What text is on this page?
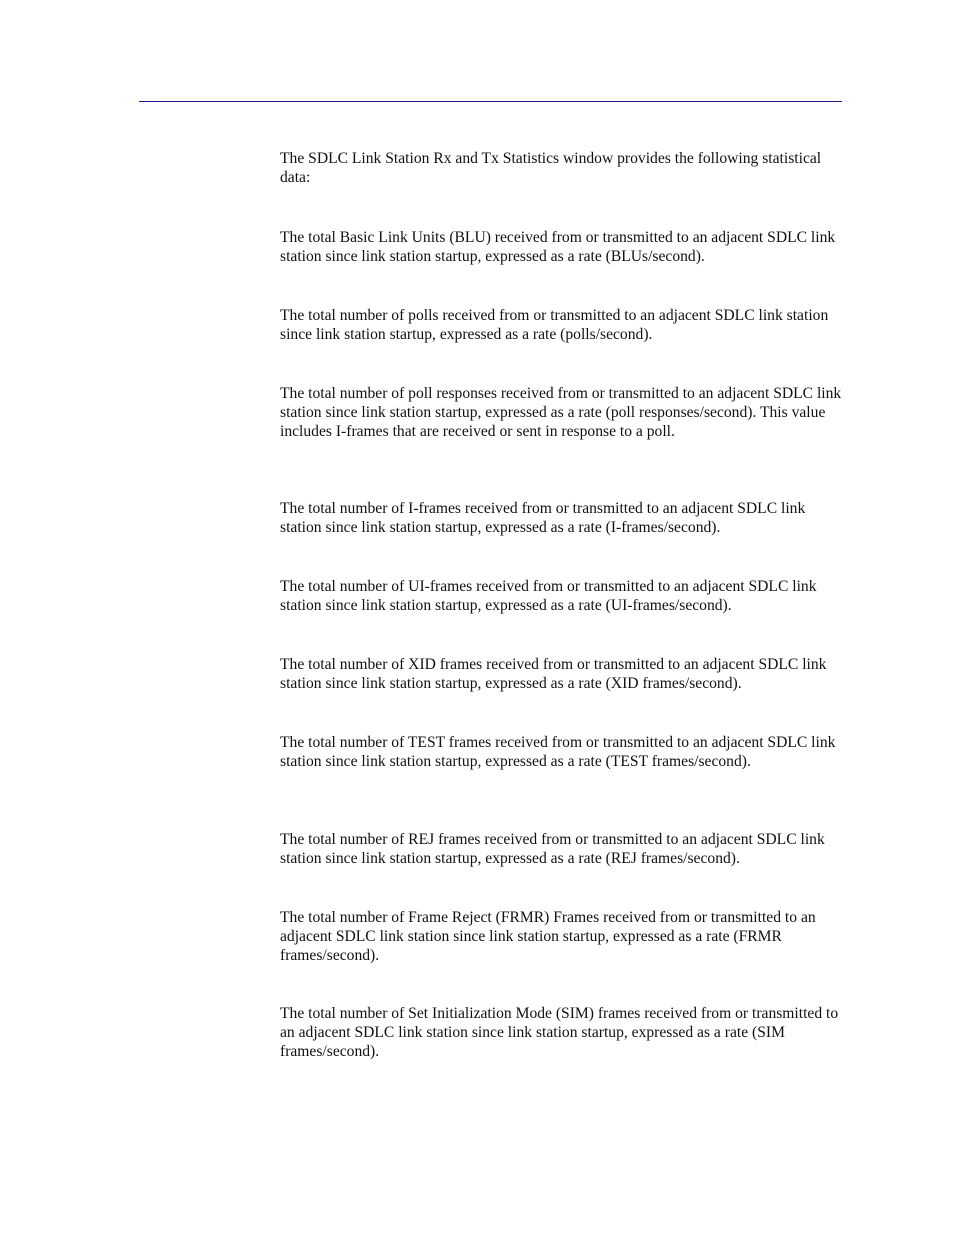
The SDLC Link Station Rx and Tx Statistics window provides the following statistical data:

The total Basic Link Units (BLU) received from or transmitted to an adjacent SDLC link station since link station startup, expressed as a rate (BLUs/second).

The total number of polls received from or transmitted to an adjacent SDLC link station since link station startup, expressed as a rate (polls/second).

The total number of poll responses received from or transmitted to an adjacent SDLC link station since link station startup, expressed as a rate (poll responses/second). This value includes I-frames that are received or sent in response to a poll.

The total number of I-frames received from or transmitted to an adjacent SDLC link station since link station startup, expressed as a rate (I-frames/second).

The total number of UI-frames received from or transmitted to an adjacent SDLC link station since link station startup, expressed as a rate (UI-frames/second).

The total number of XID frames received from or transmitted to an adjacent SDLC link station since link station startup, expressed as a rate (XID frames/second).

The total number of TEST frames received from or transmitted to an adjacent SDLC link station since link station startup, expressed as a rate (TEST frames/second).

The total number of REJ frames received from or transmitted to an adjacent SDLC link station since link station startup, expressed as a rate (REJ frames/second).

The total number of Frame Reject (FRMR) Frames received from or transmitted to an adjacent SDLC link station since link station startup, expressed as a rate (FRMR frames/second).

The total number of Set Initialization Mode (SIM) frames received from or transmitted to an adjacent SDLC link station since link station startup, expressed as a rate (SIM frames/second).
